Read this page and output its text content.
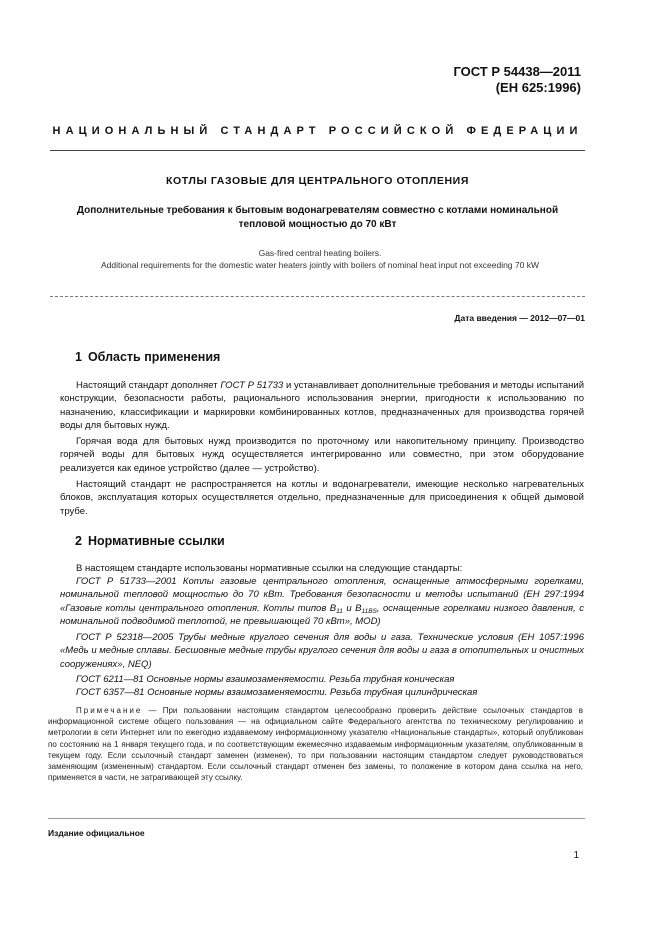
ГОСТ Р 54438—2011
(ЕН 625:1996)
НАЦИОНАЛЬНЫЙ СТАНДАРТ РОССИЙСКОЙ ФЕДЕРАЦИИ
КОТЛЫ ГАЗОВЫЕ ДЛЯ ЦЕНТРАЛЬНОГО ОТОПЛЕНИЯ
Дополнительные требования к бытовым водонагревателям совместно с котлами номинальной тепловой мощностью до 70 кВт
Gas-fired central heating boilers.
Additional requirements for the domestic water heaters jointly with boilers of nominal heat input not exceeding 70 kW
Дата введения — 2012—07—01
1 Область применения

Настоящий стандарт дополняет ГОСТ Р 51733 и устанавливает дополнительные требования и методы испытаний конструкции, безопасности работы, рационального использования энергии, пригодности к использованию по назначению, классификации и маркировки комбинированных котлов, предназначенных для производства горячей воды для бытовых нужд.

Горячая вода для бытовых нужд производится по проточному или накопительному принципу. Производство горячей воды для бытовых нужд осуществляется интегрированно или совместно, при этом оборудование реализуется как единое устройство (далее — устройство).

Настоящий стандарт не распространяется на котлы и водонагреватели, имеющие несколько нагревательных блоков, эксплуатация которых осуществляется отдельно, предназначенные для присоединения к общей дымовой трубе.

2 Нормативные ссылки

В настоящем стандарте использованы нормативные ссылки на следующие стандарты:

ГОСТ Р 51733—2001 Котлы газовые центрального отопления, оснащенные атмосферными горелками, номинальной тепловой мощностью до 70 кВт. Требования безопасности и методы испытаний (ЕН 297:1994 «Газовые котлы центрального отопления. Котлы типов $B_{11}$ и $B_{11BS}$, оснащенные горелками низкого давления, с номинальной подводимой теплотой, не превышающей 70 кВт», MOD)

ГОСТ Р 52318—2005 Трубы медные круглого сечения для воды и газа. Технические условия (ЕН 1057:1996 «Медь и медные сплавы. Бесшовные медные трубы круглого сечения для воды и газа в отопительных и очистных сооружениях», NEQ)

ГОСТ 6211—81 Основные нормы взаимозаменяемости. Резьба трубная коническая

ГОСТ 6357—81 Основные нормы взаимозаменяемости. Резьба трубная цилиндрическая

Примечание — При пользовании настоящим стандартом целесообразно проверить действие ссылочных стандартов в информационной системе общего пользования — на официальном сайте Федерального агентства по техническому регулированию и метрологии в сети Интернет или по ежегодно издаваемому информационному указателю «Национальные стандарты», который опубликован по состоянию на 1 января текущего года, и по соответствующим ежемесячно издаваемым информационным указателям, опубликованным в текущем году. Если ссылочный стандарт заменен (изменен), то при пользовании настоящим стандартом следует руководствоваться заменяющим (измененным) стандартом. Если ссылочный стандарт отменен без замены, то положение в котором дана ссылка на него, применяется в части, не затрагивающей эту ссылку.

Издание официальное
1
